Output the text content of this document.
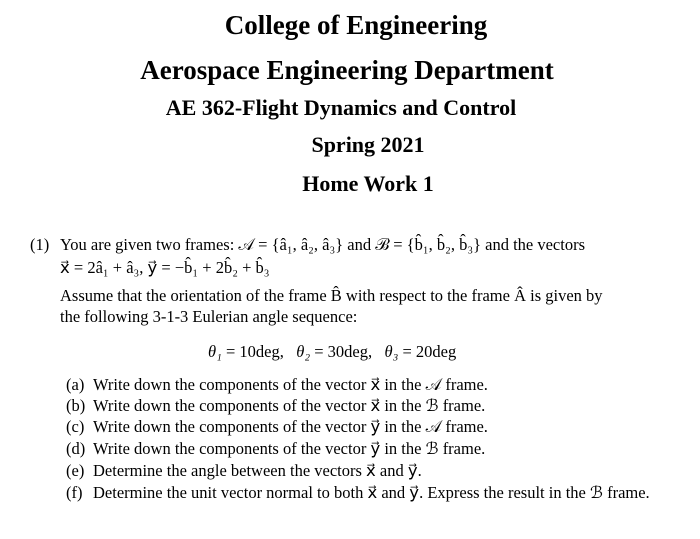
College of Engineering
Aerospace Engineering Department
AE 362-Flight Dynamics and Control
Spring 2021
Home Work 1
(1) You are given two frames: 𝒜 = {â₁, â₂, â₃} and ℬ = {b̂₁, b̂₂, b̂₃} and the vectors
x⃗ = 2â₁ + â₃, y⃗ = −b̂₁ + 2b̂₂ + b̂₃
Assume that the orientation of the frame B̂ with respect to the frame Â is given by
the following 3-1-3 Eulerian angle sequence:
θ₁ = 10deg,   θ₂ = 30deg,   θ₃ = 20deg
(a) Write down the components of the vector x⃗ in the 𝒜 frame.
(b) Write down the components of the vector x⃗ in the ℬ frame.
(c) Write down the components of the vector y⃗ in the 𝒜 frame.
(d) Write down the components of the vector y⃗ in the ℬ frame.
(e) Determine the angle between the vectors x⃗ and y⃗.
(f) Determine the unit vector normal to both x⃗ and y⃗. Express the result in the ℬ frame.
